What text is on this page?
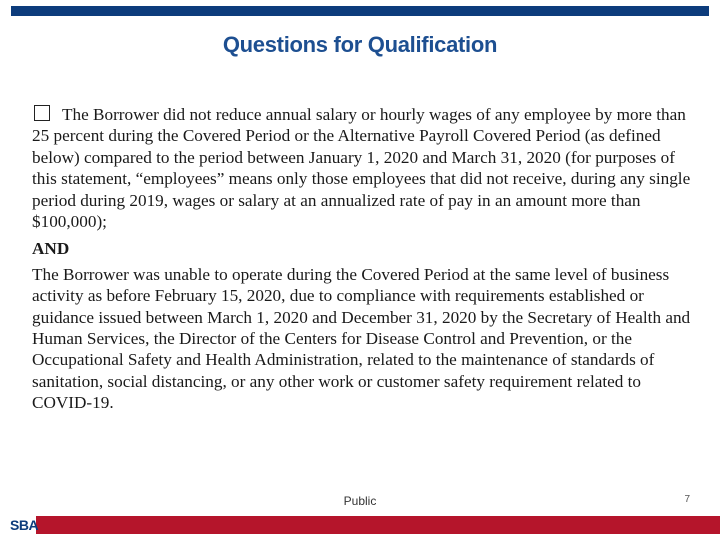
Questions for Qualification

The Borrower did not reduce annual salary or hourly wages of any employee by more than 25 percent during the Covered Period or the Alternative Payroll Covered Period (as defined below) compared to the period between January 1, 2020 and March 31, 2020 (for purposes of this statement, “employees” means only those employees that did not receive, during any single period during 2019, wages or salary at an annualized rate of pay in an amount more than $100,000);

AND

The Borrower was unable to operate during the Covered Period at the same level of business activity as before February 15, 2020, due to compliance with requirements established or guidance issued between March 1, 2020 and December 31, 2020 by the Secretary of Health and Human Services, the Director of the Centers for Disease Control and Prevention, or the Occupational Safety and Health Administration, related to the maintenance of standards of sanitation, social distancing, or any other work or customer safety requirement related to COVID-19.

Public	7
SBA
